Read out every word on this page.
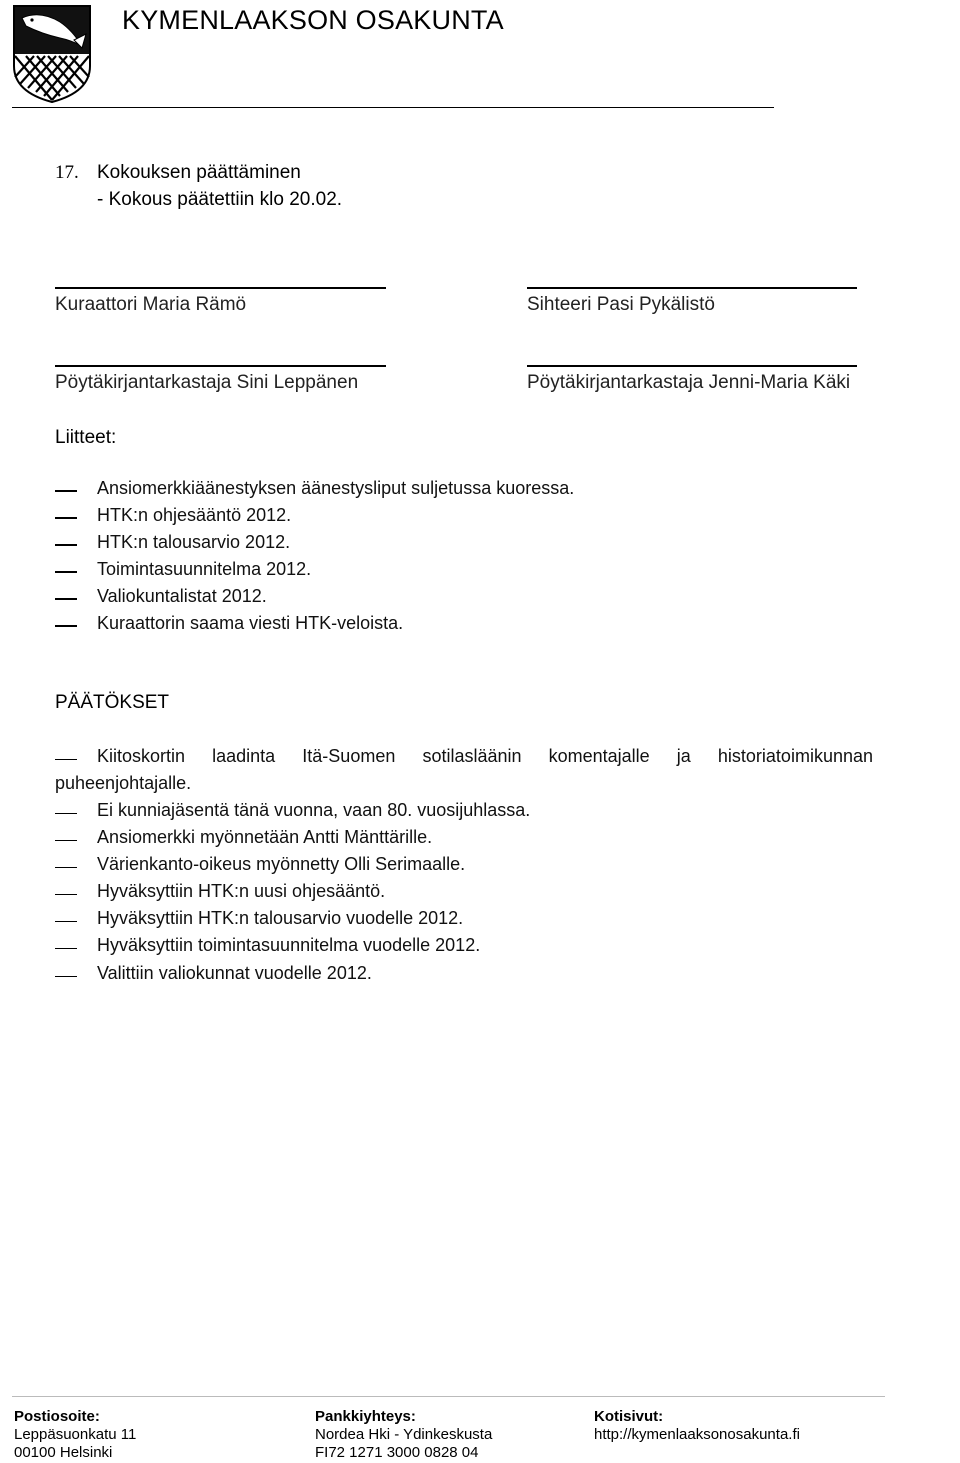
KYMENLAAKSON OSAKUNTA
17. Kokouksen päättäminen
- Kokous päätettiin klo 20.02.
Kuraattori Maria Rämö	Sihteeri Pasi Pykälistö
Pöytäkirjantarkastaja Sini Leppänen	Pöytäkirjantarkastaja Jenni-Maria Käki
Liitteet:
Ansiomerkkiäänestyksen äänestysliput suljetussa kuoressa.
HTK:n ohjesääntö 2012.
HTK:n talousarvio 2012.
Toimintasuunnitelma 2012.
Valiokuntalistat 2012.
Kuraattorin saama viesti HTK-veloista.
PÄÄTÖKSET
Kiitoskortin laadinta Itä-Suomen sotilasläänin komentajalle ja historiatoimikunnan
puheenjohtajalle.
Ei kunniajäsentä tänä vuonna, vaan 80. vuosijuhlassa.
Ansiomerkki myönnetään Antti Mänttärille.
Värienkanto-oikeus myönnetty Olli Serimaalle.
Hyväksyttiin HTK:n uusi ohjesääntö.
Hyväksyttiin HTK:n talousarvio vuodelle 2012.
Hyväksyttiin toimintasuunnitelma vuodelle 2012.
Valittiin valiokunnat vuodelle 2012.
Postiosoite:
Leppäsuonkatu 11
00100 Helsinki
Pankkiyhteys:
Nordea Hki - Ydinkeskusta
FI72 1271 3000 0828 04
Kotisivut:
http://kymenlaaksonosakunta.fi
